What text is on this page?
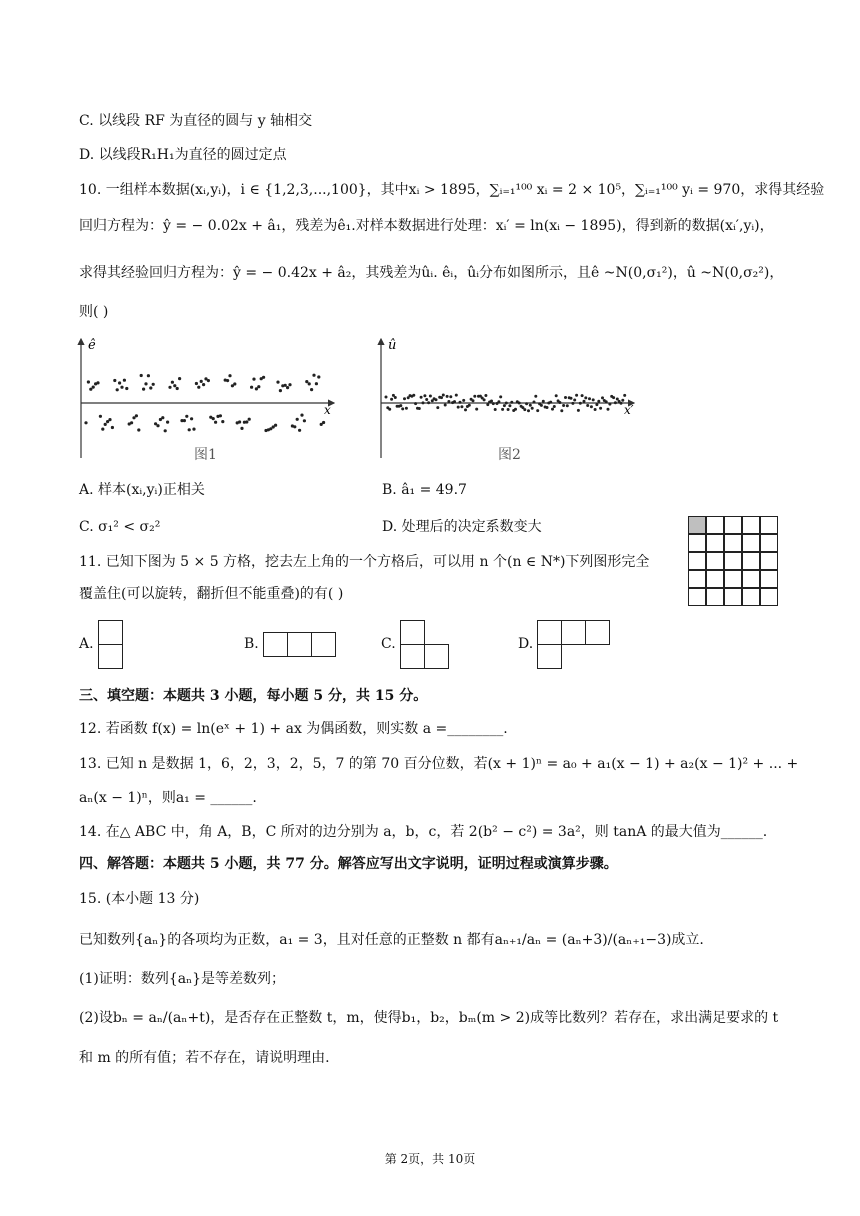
C. 以线段 RF 为直径的圆与 y 轴相交
D. 以线段R₁H₁为直径的圆过定点
10. 一组样本数据(xᵢ,yᵢ)，i ∈ {1,2,3,...,100}，其中xᵢ > 1895，∑ᵢ₌₁¹⁰⁰ xᵢ = 2 × 10⁵，∑ᵢ₌₁¹⁰⁰ yᵢ = 970，求得其经验
回归方程为：ŷ = − 0.02x + â₁，残差为ê₁.对样本数据进行处理：xᵢ′ = ln(xᵢ − 1895)，得到新的数据(xᵢ′,yᵢ)，
求得其经验回归方程为：ŷ = − 0.42x + â₂，其残差为ûᵢ. êᵢ，ûᵢ分布如图所示，且ê ~N(0,σ₁²)，û ~N(0,σ₂²)，
则( )
ê
x
图1
û
x′
图2
A. 样本(xᵢ,yᵢ)正相关	B. â₁ = 49.7
C. σ₁² < σ₂²	D. 处理后的决定系数变大
11. 已知下图为 5 × 5 方格，挖去左上角的一个方格后，可以用 n 个(n ∈ N*)下列图形完全
覆盖住(可以旋转，翻折但不能重叠)的有( )
A.	B.	C.	D.
三、填空题：本题共 3 小题，每小题 5 分，共 15 分。
12. 若函数 f(x) = ln(eˣ + 1) + ax 为偶函数，则实数 a =________.
13. 已知 n 是数据 1，6，2，3，2，5，7 的第 70 百分位数，若(x + 1)ⁿ = a₀ + a₁(x − 1) + a₂(x − 1)² + ... +
aₙ(x − 1)ⁿ，则a₁ = ______.
14. 在△ ABC 中，角 A，B，C 所对的边分别为 a，b，c，若 2(b² − c²) = 3a²，则 tanA 的最大值为______.
四、解答题：本题共 5 小题，共 77 分。解答应写出文字说明，证明过程或演算步骤。
15. (本小题 13 分)
已知数列{aₙ}的各项均为正数，a₁ = 3，且对任意的正整数 n 都有aₙ₊₁/aₙ = (aₙ+3)/(aₙ₊₁−3)成立.
(1)证明：数列{aₙ}是等差数列；
(2)设bₙ = aₙ/(aₙ+t)，是否存在正整数 t，m，使得b₁，b₂，bₘ(m > 2)成等比数列？若存在，求出满足要求的 t
和 m 的所有值；若不存在，请说明理由.
第 2页，共 10页
